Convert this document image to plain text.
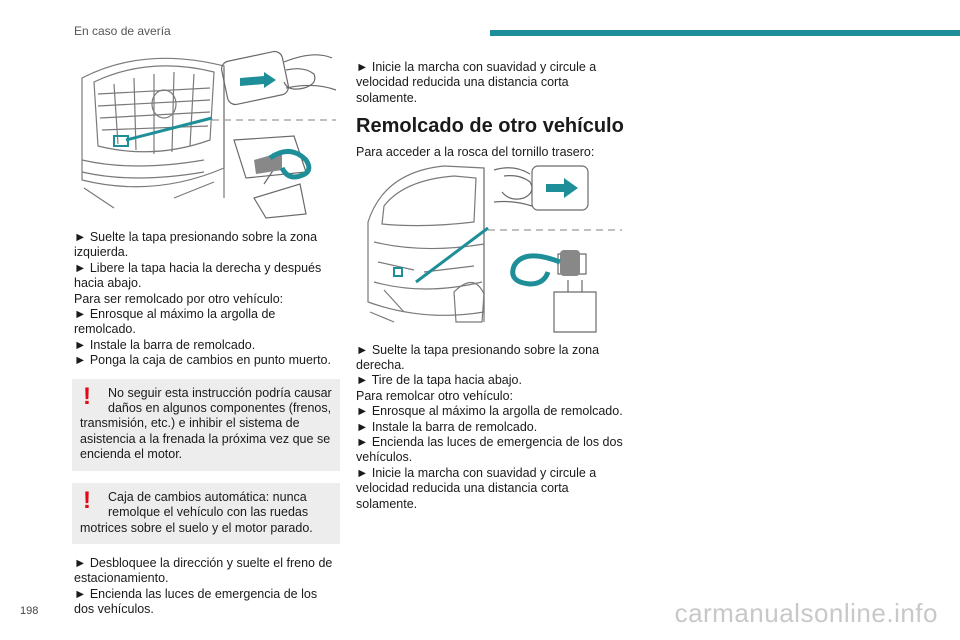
En caso de avería

► Suelte la tapa presionando sobre la zona izquierda.

► Libere la tapa hacia la derecha y después hacia abajo.

Para ser remolcado por otro vehículo:

► Enrosque al máximo la argolla de remolcado.

► Instale la barra de remolcado.

► Ponga la caja de cambios en punto muerto.

!	No seguir esta instrucción podría causar

daños en algunos componentes (frenos,

transmisión, etc.) e inhibir el sistema de asistencia a la frenada la próxima vez que se encienda el motor.

!	Caja de cambios automática: nunca

remolque el vehículo con las ruedas

motrices sobre el suelo y el motor parado.

► Desbloquee la dirección y suelte el freno de estacionamiento.

► Encienda las luces de emergencia de los dos vehículos.

► Inicie la marcha con suavidad y circule a velocidad reducida una distancia corta solamente.

Remolcado de otro vehículo

Para acceder a la rosca del tornillo trasero:

► Suelte la tapa presionando sobre la zona derecha.

► Tire de la tapa hacia abajo.

Para remolcar otro vehículo:

► Enrosque al máximo la argolla de remolcado.

► Instale la barra de remolcado.

► Encienda las luces de emergencia de los dos vehículos.

► Inicie la marcha con suavidad y circule a velocidad reducida una distancia corta solamente.

198	carmanualsonline.info
